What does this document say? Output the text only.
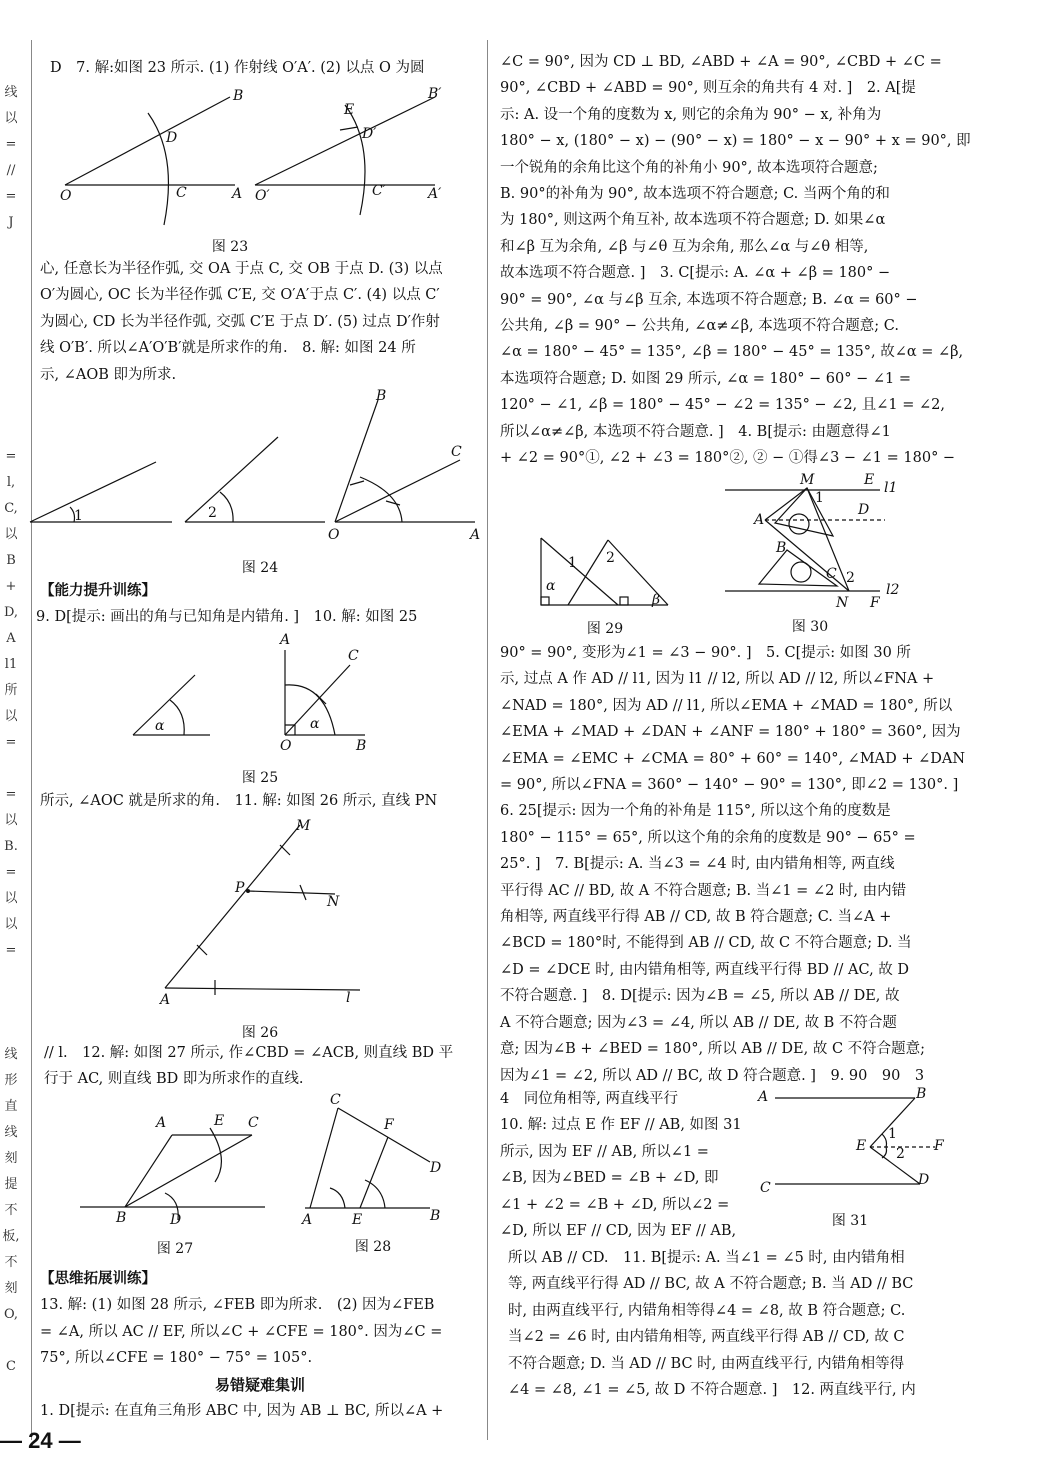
线
以
=
//
=
J
=
l,
C,
以
B
+
D,
A
l1
所
以
=
=
以
B.
=
以
以
=
线
形
直
线
刻
提
不
板,
不
刻
O,
C

D　7. 解:如图 23 所示. (1) 作射线 O′A′. (2) 以点 O 为圆

B
D
O	C	A
E
B′
D′
O′	C′	A′
图 23

心, 任意长为半径作弧, 交 OA 于点 C, 交 OB 于点 D. (3) 以点

O′为圆心, OC 长为半径作弧 C′E, 交 O′A′于点 C′. (4) 以点 C′

为圆心, CD 长为半径作弧, 交弧 C′E 于点 D′. (5) 过点 D′作射

线 O′B′. 所以∠A′O′B′就是所求作的角.　8. 解: 如图 24 所

示, ∠AOB 即为所求.

1	2
B
C
O	A
图 24

【能力提升训练】

9. D[提示: 画出的角与已知角是内错角. ]　10. 解: 如图 25

α
A
C
α
O	B
图 25

所示, ∠AOC 就是所求的角.　11. 解: 如图 26 所示, 直线 PN

M
P
N
A	l
图 26

// l.　12. 解: 如图 27 所示, 作∠CBD = ∠ACB, 则直线 BD 平

行于 AC, 则直线 BD 即为所求作的直线.

A	E C
B	D
图 27
C
F
D
A	E	B
图 28

【思维拓展训练】

13. 解: (1) 如图 28 所示, ∠FEB 即为所求.　(2) 因为∠FEB

= ∠A, 所以 AC // EF, 所以∠C + ∠CFE = 180°. 因为∠C =

75°, 所以∠CFE = 180° − 75° = 105°.

易错疑难集训

1. D[提示: 在直角三角形 ABC 中, 因为 AB ⊥ BC, 所以∠A +

— 24 —

∠C = 90°, 因为 CD ⊥ BD, ∠ABD + ∠A = 90°, ∠CBD + ∠C =

90°, ∠CBD + ∠ABD = 90°, 则互余的角共有 4 对. ]　2. A[提

示: A. 设一个角的度数为 x, 则它的余角为 90° − x, 补角为

180° − x, (180° − x) − (90° − x) = 180° − x − 90° + x = 90°, 即

一个锐角的余角比这个角的补角小 90°, 故本选项符合题意;

B. 90°的补角为 90°, 故本选项不符合题意; C. 当两个角的和

为 180°, 则这两个角互补, 故本选项不符合题意; D. 如果∠α

和∠β 互为余角, ∠β 与∠θ 互为余角, 那么∠α 与∠θ 相等,

故本选项不符合题意. ]　3. C[提示: A. ∠α + ∠β = 180° −

90° = 90°, ∠α 与∠β 互余, 本选项不符合题意; B. ∠α = 60° −

公共角, ∠β = 90° − 公共角, ∠α≠∠β, 本选项不符合题意; C.

∠α = 180° − 45° = 135°, ∠β = 180° − 45° = 135°, 故∠α = ∠β,

本选项符合题意; D. 如图 29 所示, ∠α = 180° − 60° − ∠1 =

120° − ∠1, ∠β = 180° − 45° − ∠2 = 135° − ∠2, 且∠1 = ∠2,

所以∠α≠∠β, 本选项不符合题意. ]　4. B[提示: 由题意得∠1

+ ∠2 = 90°①, ∠2 + ∠3 = 180°②, ② − ①得∠3 − ∠1 = 180° −

1 2
α
β
图 29
M	E l1
1
A
D
B
C 2
l2
N F
图 30

90° = 90°, 变形为∠1 = ∠3 − 90°. ]　5. C[提示: 如图 30 所

示, 过点 A 作 AD // l1, 因为 l1 // l2, 所以 AD // l2, 所以∠FNA +

∠NAD = 180°, 因为 AD // l1, 所以∠EMA + ∠MAD = 180°, 所以

∠EMA + ∠MAD + ∠DAN + ∠ANF = 180° + 180° = 360°, 因为

∠EMA = ∠EMC + ∠CMA = 80° + 60° = 140°, ∠MAD + ∠DAN

= 90°, 所以∠FNA = 360° − 140° − 90° = 130°, 即∠2 = 130°. ]

6. 25[提示: 因为一个角的补角是 115°, 所以这个角的度数是

180° − 115° = 65°, 所以这个角的余角的度数是 90° − 65° =

25°. ]　7. B[提示: A. 当∠3 = ∠4 时, 由内错角相等, 两直线

平行得 AC // BD, 故 A 不符合题意; B. 当∠1 = ∠2 时, 由内错

角相等, 两直线平行得 AB // CD, 故 B 符合题意; C. 当∠A +

∠BCD = 180°时, 不能得到 AB // CD, 故 C 不符合题意; D. 当

∠D = ∠DCE 时, 由内错角相等, 两直线平行得 BD // AC, 故 D

不符合题意. ]　8. D[提示: 因为∠B = ∠5, 所以 AB // DE, 故

A 不符合题意; 因为∠3 = ∠4, 所以 AB // DE, 故 B 不符合题

意; 因为∠B + ∠BED = 180°, 所以 AB // DE, 故 C 不符合题意;

因为∠1 = ∠2, 所以 AD // BC, 故 D 符合题意. ]　9. 90　90　3

4　同位角相等, 两直线平行

10. 解: 过点 E 作 EF // AB, 如图 31

所示, 因为 EF // AB, 所以∠1 =

∠B, 因为∠BED = ∠B + ∠D, 即

∠1 + ∠2 = ∠B + ∠D, 所以∠2 =

∠D, 所以 EF // CD, 因为 EF // AB,

A	B
1
E	F
2
C	D
图 31

所以 AB // CD.　11. B[提示: A. 当∠1 = ∠5 时, 由内错角相

等, 两直线平行得 AD // BC, 故 A 不符合题意; B. 当 AD // BC

时, 由两直线平行, 内错角相等得∠4 = ∠8, 故 B 符合题意; C.

当∠2 = ∠6 时, 由内错角相等, 两直线平行得 AB // CD, 故 C

不符合题意; D. 当 AD // BC 时, 由两直线平行, 内错角相等得

∠4 = ∠8, ∠1 = ∠5, 故 D 不符合题意. ]　12. 两直线平行, 内
